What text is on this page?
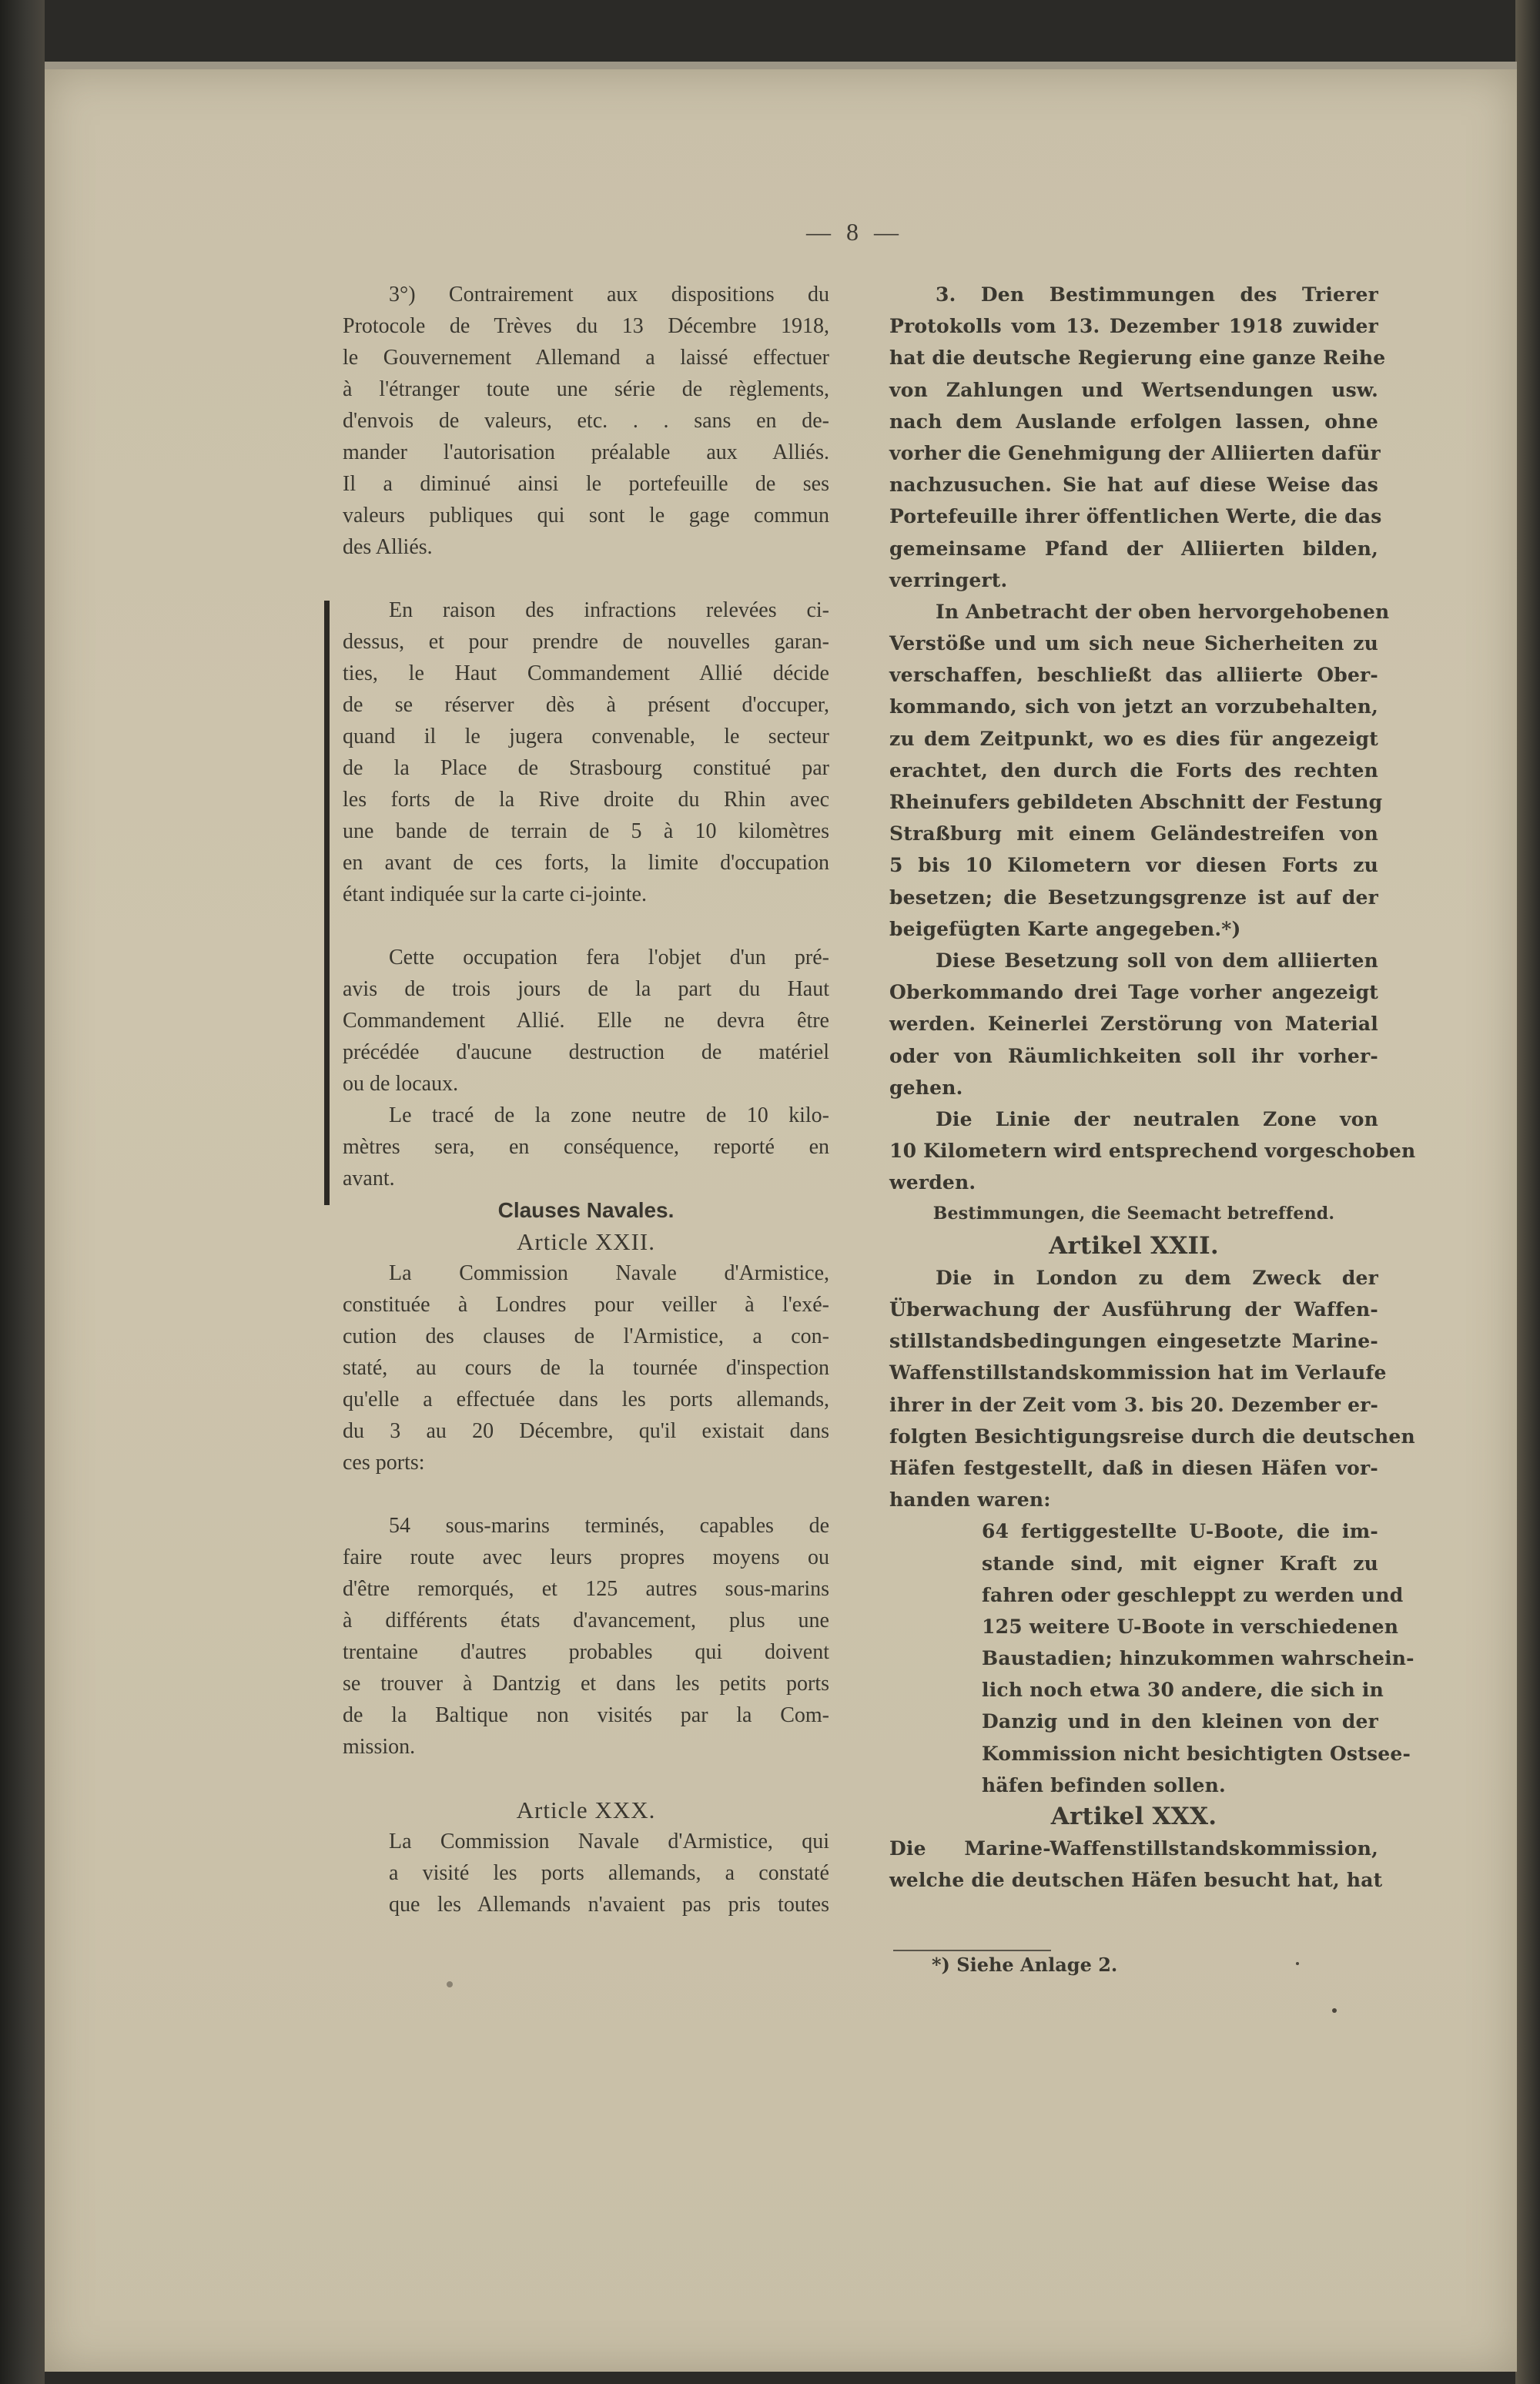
— 8 —
3°) Contrairement aux dispositions du
Protocole de Trèves du 13 Décembre 1918,
le Gouvernement Allemand a laissé effectuer
à l'étranger toute une série de règlements,
d'envois de valeurs, etc. . . sans en de-
mander l'autorisation préalable aux Alliés.
Il a diminué ainsi le portefeuille de ses
valeurs publiques qui sont le gage commun
des Alliés.
En raison des infractions relevées ci-
dessus, et pour prendre de nouvelles garan-
ties, le Haut Commandement Allié décide
de se réserver dès à présent d'occuper,
quand il le jugera convenable, le secteur
de la Place de Strasbourg constitué par
les forts de la Rive droite du Rhin avec
une bande de terrain de 5 à 10 kilomètres
en avant de ces forts, la limite d'occupation
étant indiquée sur la carte ci-jointe.
Cette occupation fera l'objet d'un pré-
avis de trois jours de la part du Haut
Commandement Allié. Elle ne devra être
précédée d'aucune destruction de matériel
ou de locaux.
Le tracé de la zone neutre de 10 kilo-
mètres sera, en conséquence, reporté en
avant.
Clauses Navales.
Article XXII.
La Commission Navale d'Armistice,
constituée à Londres pour veiller à l'exé-
cution des clauses de l'Armistice, a con-
staté, au cours de la tournée d'inspection
qu'elle a effectuée dans les ports allemands,
du 3 au 20 Décembre, qu'il existait dans
ces ports:
54 sous-marins terminés, capables de
faire route avec leurs propres moyens ou
d'être remorqués, et 125 autres sous-marins
à différents états d'avancement, plus une
trentaine d'autres probables qui doivent
se trouver à Dantzig et dans les petits ports
de la Baltique non visités par la Com-
mission.
Article XXX.
La Commission Navale d'Armistice, qui
a visité les ports allemands, a constaté
que les Allemands n'avaient pas pris toutes
3. Den Bestimmungen des Trierer
Protokolls vom 13. Dezember 1918 zuwider
hat die deutsche Regierung eine ganze Reihe
von Zahlungen und Wertsendungen usw.
nach dem Auslande erfolgen lassen, ohne
vorher die Genehmigung der Alliierten dafür
nachzusuchen. Sie hat auf diese Weise das
Portefeuille ihrer öffentlichen Werte, die das
gemeinsame Pfand der Alliierten bilden,
verringert.
In Anbetracht der oben hervorgehobenen
Verstöße und um sich neue Sicherheiten zu
verschaffen, beschließt das alliierte Ober-
kommando, sich von jetzt an vorzubehalten,
zu dem Zeitpunkt, wo es dies für angezeigt
erachtet, den durch die Forts des rechten
Rheinufers gebildeten Abschnitt der Festung
Straßburg mit einem Geländestreifen von
5 bis 10 Kilometern vor diesen Forts zu
besetzen; die Besetzungsgrenze ist auf der
beigefügten Karte angegeben.*)
Diese Besetzung soll von dem alliierten
Oberkommando drei Tage vorher angezeigt
werden. Keinerlei Zerstörung von Material
oder von Räumlichkeiten soll ihr vorher-
gehen.
Die Linie der neutralen Zone von
10 Kilometern wird entsprechend vorgeschoben
werden.
Bestimmungen, die Seemacht betreffend.
Artikel XXII.
Die in London zu dem Zweck der
Überwachung der Ausführung der Waffen-
stillstandsbedingungen eingesetzte Marine-
Waffenstillstandskommission hat im Verlaufe
ihrer in der Zeit vom 3. bis 20. Dezember er-
folgten Besichtigungsreise durch die deutschen
Häfen festgestellt, daß in diesen Häfen vor-
handen waren:
64 fertiggestellte U-Boote, die im-
stande sind, mit eigner Kraft zu
fahren oder geschleppt zu werden und
125 weitere U-Boote in verschiedenen
Baustadien; hinzukommen wahrschein-
lich noch etwa 30 andere, die sich in
Danzig und in den kleinen von der
Kommission nicht besichtigten Ostsee-
häfen befinden sollen.
Artikel XXX.
Die Marine-Waffenstillstandskommission,
welche die deutschen Häfen besucht hat, hat
*) Siehe Anlage 2.
